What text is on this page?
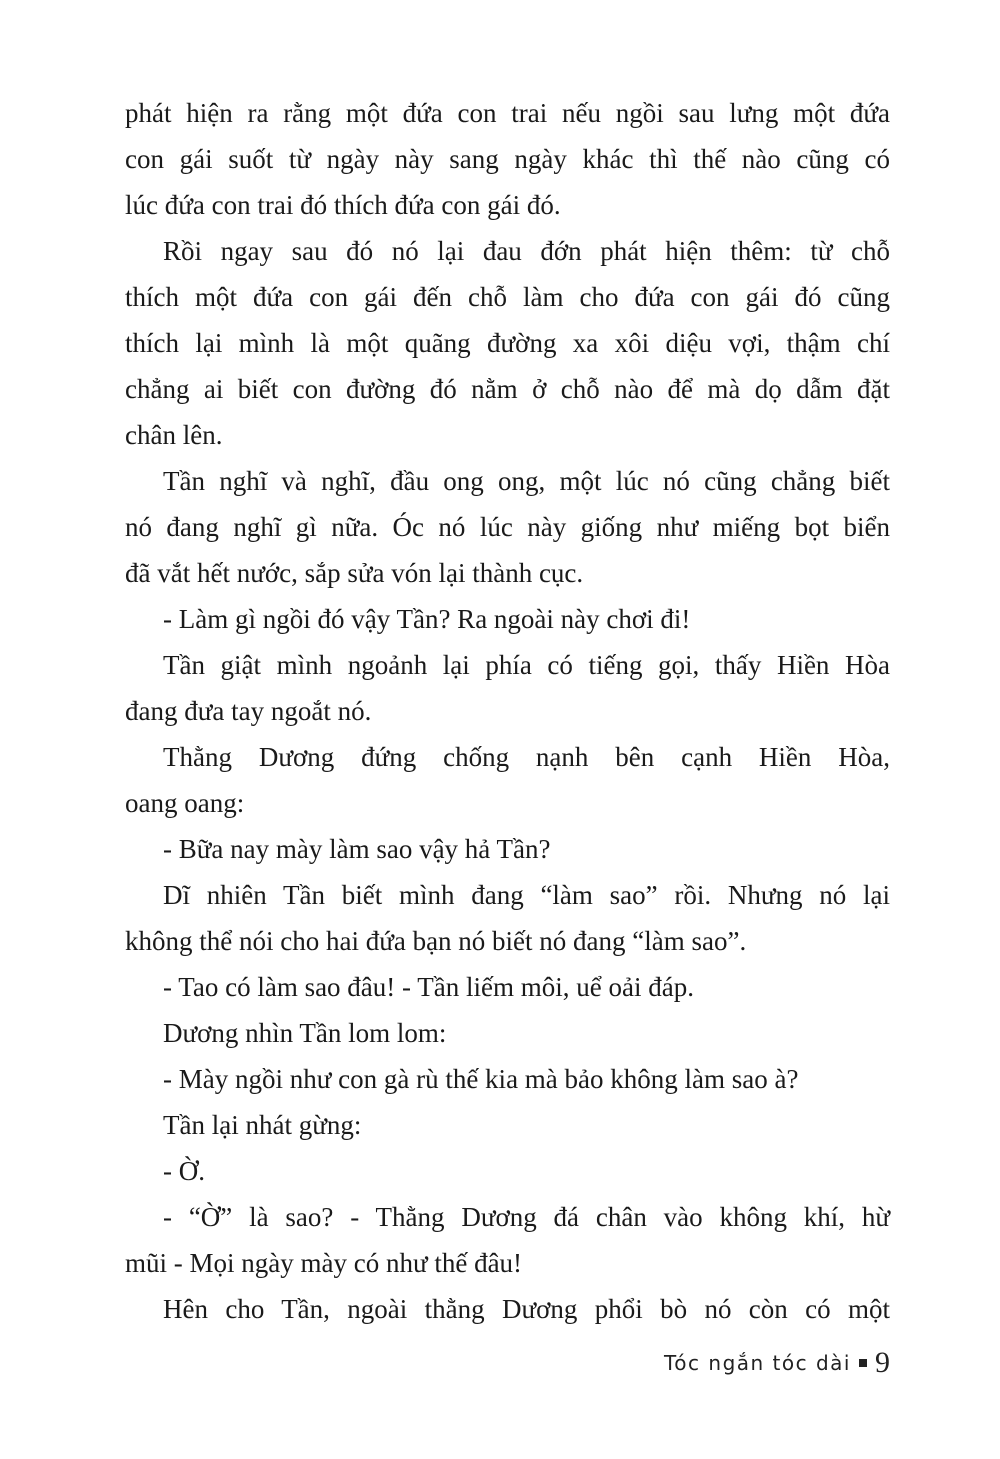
phát hiện ra rằng một đứa con trai nếu ngồi sau lưng một đứa
con gái suốt từ ngày này sang ngày khác thì thế nào cũng có
lúc đứa con trai đó thích đứa con gái đó.
Rồi ngay sau đó nó lại đau đớn phát hiện thêm: từ chỗ
thích một đứa con gái đến chỗ làm cho đứa con gái đó cũng
thích lại mình là một quãng đường xa xôi diệu vợi, thậm chí
chẳng ai biết con đường đó nằm ở chỗ nào để mà dọ dẫm đặt
chân lên.
Tần nghĩ và nghĩ, đầu ong ong, một lúc nó cũng chẳng biết
nó đang nghĩ gì nữa. Óc nó lúc này giống như miếng bọt biển
đã vắt hết nước, sắp sửa vón lại thành cục.
- Làm gì ngồi đó vậy Tần? Ra ngoài này chơi đi!
Tần giật mình ngoảnh lại phía có tiếng gọi, thấy Hiền Hòa
đang đưa tay ngoắt nó.
Thằng Dương đứng chống nạnh bên cạnh Hiền Hòa,
oang oang:
- Bữa nay mày làm sao vậy hả Tần?
Dĩ nhiên Tần biết mình đang “làm sao” rồi. Nhưng nó lại
không thể nói cho hai đứa bạn nó biết nó đang “làm sao”.
- Tao có làm sao đâu! - Tần liếm môi, uể oải đáp.
Dương nhìn Tần lom lom:
- Mày ngồi như con gà rù thế kia mà bảo không làm sao à?
Tần lại nhát gừng:
- Ờ.
- “Ờ” là sao? - Thằng Dương đá chân vào không khí, hừ
mũi - Mọi ngày mày có như thế đâu!
Hên cho Tần, ngoài thằng Dương phổi bò nó còn có một
Tóc ngắn tóc dài 9
